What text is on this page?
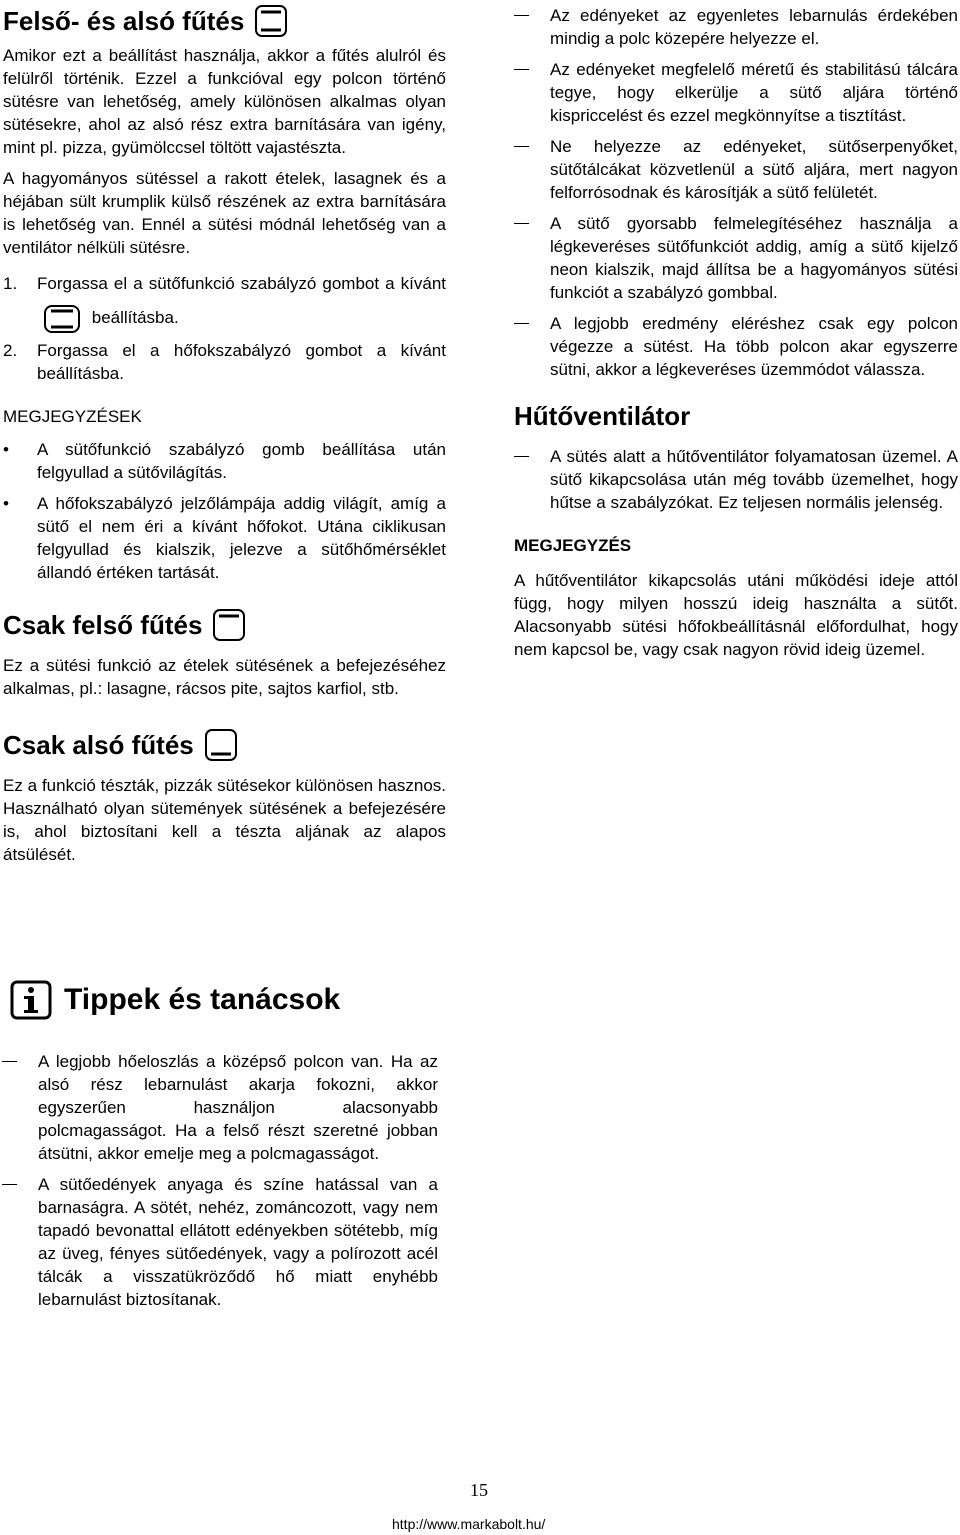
Felső- és alsó fűtés

Amikor ezt a beállítást használja, akkor a fűtés alulról és felülről történik. Ezzel a funkcióval egy polcon történő sütésre van lehetőség, amely különösen alkalmas olyan sütésekre, ahol az alsó rész extra barnítására van igény, mint pl. pizza, gyümölccsel töltött vajastészta.

A hagyományos sütéssel a rakott ételek, lasagnek és a héjában sült krumplik külső részének az extra barnítására is lehetőség van. Ennél a sütési módnál lehetőség van a ventilátor nélküli sütésre.

1.	Forgassa el a sütőfunkció szabályzó gombot a kívánt  beállításba.
2.	Forgassa el a hőfokszabályzó gombot a kívánt beállításba.

MEGJEGYZÉSEK

• A sütőfunkció szabályzó gomb beállítása után felgyullad a sütővilágítás.
• A hőfokszabályzó jelzőlámpája addig világít, amíg a sütő el nem éri a kívánt hőfokot. Utána ciklikusan felgyullad és kialszik, jelezve a sütőhőmérséklet állandó értéken tartását.
Csak felső fűtés

Ez a sütési funkció az ételek sütésének a befejezéséhez alkalmas, pl.: lasagne, rácsos pite, sajtos karfiol, stb.

Csak alsó fűtés

Ez a funkció tészták, pizzák sütésekor különösen hasznos. Használható olyan sütemények sütésének a befejezésére is, ahol biztosítani kell a tészta aljának az alapos átsülését.

Az edényeket az egyenletes lebarnulás érdekében mindig a polc közepére helyezze el.
Az edényeket megfelelő méretű és stabilitású tálcára tegye, hogy elkerülje a sütő aljára történő kispriccelést és ezzel megkönnyítse a tisztítást.
Ne helyezze az edényeket, sütőserpenyőket, sütőtálcákat közvetlenül a sütő aljára, mert nagyon felforrósodnak és károsítják a sütő felületét.
A sütő gyorsabb felmelegítéséhez használja a légkeveréses sütőfunkciót addig, amíg a sütő kijelző neon kialszik, majd állítsa be a hagyományos sütési funkciót a szabályzó gombbal.
A legjobb eredmény eléréshez csak egy polcon végezze a sütést. Ha több polcon akar egyszerre sütni, akkor a légkeveréses üzemmódot válassza.
Hűtőventilátor
A sütés alatt a hűtőventilátor folyamatosan üzemel. A sütő kikapcsolása után még tovább üzemelhet, hogy hűtse a szabályzókat. Ez teljesen normális jelenség.

MEGJEGYZÉS

A hűtőventilátor kikapcsolás utáni működési ideje attól függ, hogy milyen hosszú ideig használta a sütőt. Alacsonyabb sütési hőfokbeállításnál előfordulhat, hogy nem kapcsol be, vagy csak nagyon rövid ideig üzemel.

Tippek és tanácsok
A legjobb hőeloszlás a középső polcon van. Ha az alsó rész lebarnulást akarja fokozni, akkor egyszerűen használjon alacsonyabb polcmagasságot. Ha a felső részt szeretné jobban átsütni, akkor emelje meg a polcmagasságot.
A sütőedények anyaga és színe hatással van a barnaságra. A sötét, nehéz, zománcozott, vagy nem tapadó bevonattal ellátott edényekben sötétebb, míg az üveg, fényes sütőedények, vagy a polírozott acél tálcák a visszatükröződő hő miatt enyhébb lebarnulást biztosítanak.
15
http://www.markabolt.hu/
